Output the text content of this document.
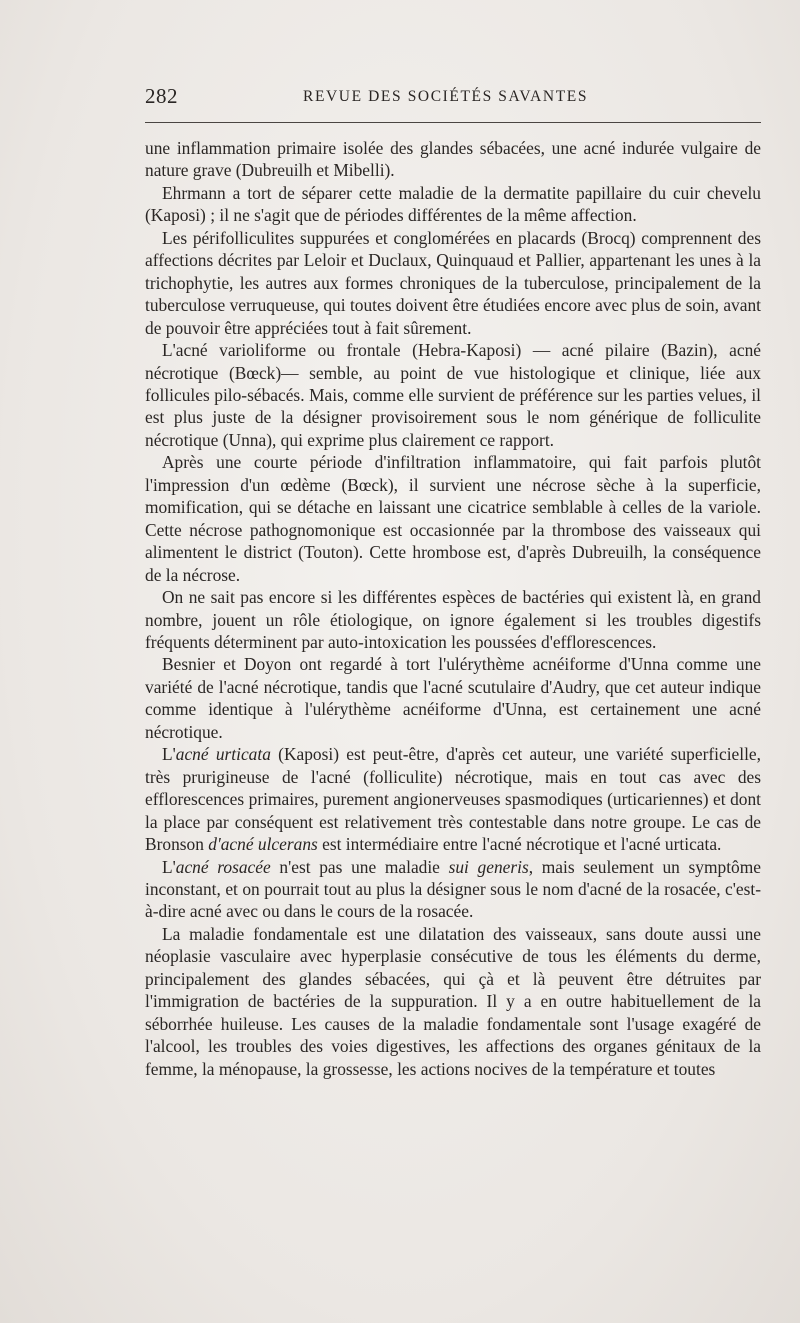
282	REVUE DES SOCIÉTÉS SAVANTES

une inflammation primaire isolée des glandes sébacées, une acné indurée vulgaire de nature grave (Dubreuilh et Mibelli).

Ehrmann a tort de séparer cette maladie de la dermatite papillaire du cuir chevelu (Kaposi) ; il ne s'agit que de périodes différentes de la même affection.

Les périfolliculites suppurées et conglomérées en placards (Brocq) comprennent des affections décrites par Leloir et Duclaux, Quinquaud et Pallier, appartenant les unes à la trichophytie, les autres aux formes chroniques de la tuberculose, principalement de la tuberculose verruqueuse, qui toutes doivent être étudiées encore avec plus de soin, avant de pouvoir être appréciées tout à fait sûrement.

L'acné varioliforme ou frontale (Hebra-Kaposi) — acné pilaire (Bazin), acné nécrotique (Bœck)— semble, au point de vue histologique et clinique, liée aux follicules pilo-sébacés. Mais, comme elle survient de préférence sur les parties velues, il est plus juste de la désigner provisoirement sous le nom générique de folliculite nécrotique (Unna), qui exprime plus clairement ce rapport.

Après une courte période d'infiltration inflammatoire, qui fait parfois plutôt l'impression d'un œdème (Bœck), il survient une nécrose sèche à la superficie, momification, qui se détache en laissant une cicatrice semblable à celles de la variole. Cette nécrose pathognomonique est occasionnée par la thrombose des vaisseaux qui alimentent le district (Touton). Cette hrombose est, d'après Dubreuilh, la conséquence de la nécrose.

On ne sait pas encore si les différentes espèces de bactéries qui existent là, en grand nombre, jouent un rôle étiologique, on ignore également si les troubles digestifs fréquents déterminent par auto-intoxication les poussées d'efflorescences.

Besnier et Doyon ont regardé à tort l'ulérythème acnéiforme d'Unna comme une variété de l'acné nécrotique, tandis que l'acné scutulaire d'Audry, que cet auteur indique comme identique à l'ulérythème acnéiforme d'Unna, est certainement une acné nécrotique.

L'acné urticata (Kaposi) est peut-être, d'après cet auteur, une variété superficielle, très prurigineuse de l'acné (folliculite) nécrotique, mais en tout cas avec des efflorescences primaires, purement angionerveuses spasmodiques (urticariennes) et dont la place par conséquent est relativement très contestable dans notre groupe. Le cas de Bronson d'acné ulcerans est intermédiaire entre l'acné nécrotique et l'acné urticata.

L'acné rosacée n'est pas une maladie sui generis, mais seulement un symptôme inconstant, et on pourrait tout au plus la désigner sous le nom d'acné de la rosacée, c'est-à-dire acné avec ou dans le cours de la rosacée.

La maladie fondamentale est une dilatation des vaisseaux, sans doute aussi une néoplasie vasculaire avec hyperplasie consécutive de tous les éléments du derme, principalement des glandes sébacées, qui çà et là peuvent être détruites par l'immigration de bactéries de la suppuration. Il y a en outre habituellement de la séborrhée huileuse. Les causes de la maladie fondamentale sont l'usage exagéré de l'alcool, les troubles des voies digestives, les affections des organes génitaux de la femme, la ménopause, la grossesse, les actions nocives de la température et toutes
